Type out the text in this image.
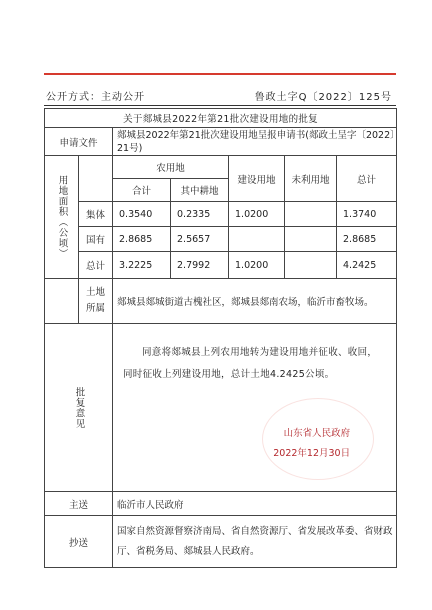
公开方式：主动公开	鲁政土字Q〔2022〕125号
关于郯城县2022年第21批次建设用地的批复						
申请文件		郯城县2022年第21批次建设用地呈报申请书(郯政土呈字〔2022〕21号)				

用地面积（公顷）		农用地		建设用地	未利用地	总计
		合计	其中耕地			
	集体	0.3540	0.2335	1.0200		1.3740
	国有	2.8685	2.5657			2.8685
	总计	3.2225	2.7992	1.0200		4.2425

	土地所属	郯城县郯城街道古槐社区，郯城县郯南农场，临沂市畜牧场。				

批复意见		同意将郯城县上列农用地转为建设用地并征收、收回，同时征收上列建设用地，总计土地4.2425公顷。
山东省人民政府
2022年12月30日				

主送		临沂市人民政府				
抄送		国家自然资源督察济南局、省自然资源厅、省发展改革委、省财政厅、省税务局、郯城县人民政府。				
